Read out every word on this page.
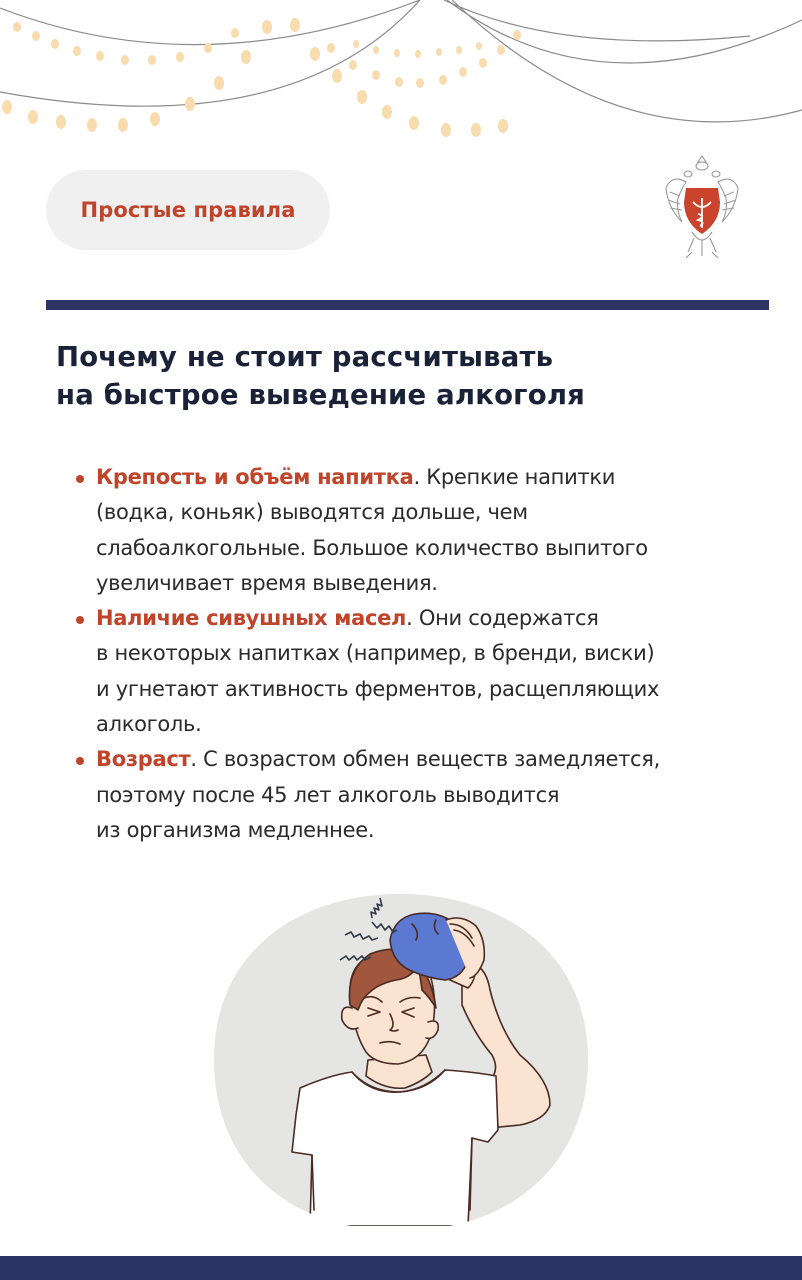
Простые правила
Почему не стоит рассчитывать
на быстрое выведение алкоголя
Крепость и объём напитка. Крепкие напитки
(водка, коньяк) выводятся дольше, чем
слабоалкогольные. Большое количество выпитого
увеличивает время выведения.
Наличие сивушных масел. Они содержатся
в некоторых напитках (например, в бренди, виски)
и угнетают активность ферментов, расщепляющих
алкоголь.
Возраст. С возрастом обмен веществ замедляется,
поэтому после 45 лет алкоголь выводится
из организма медленнее.
